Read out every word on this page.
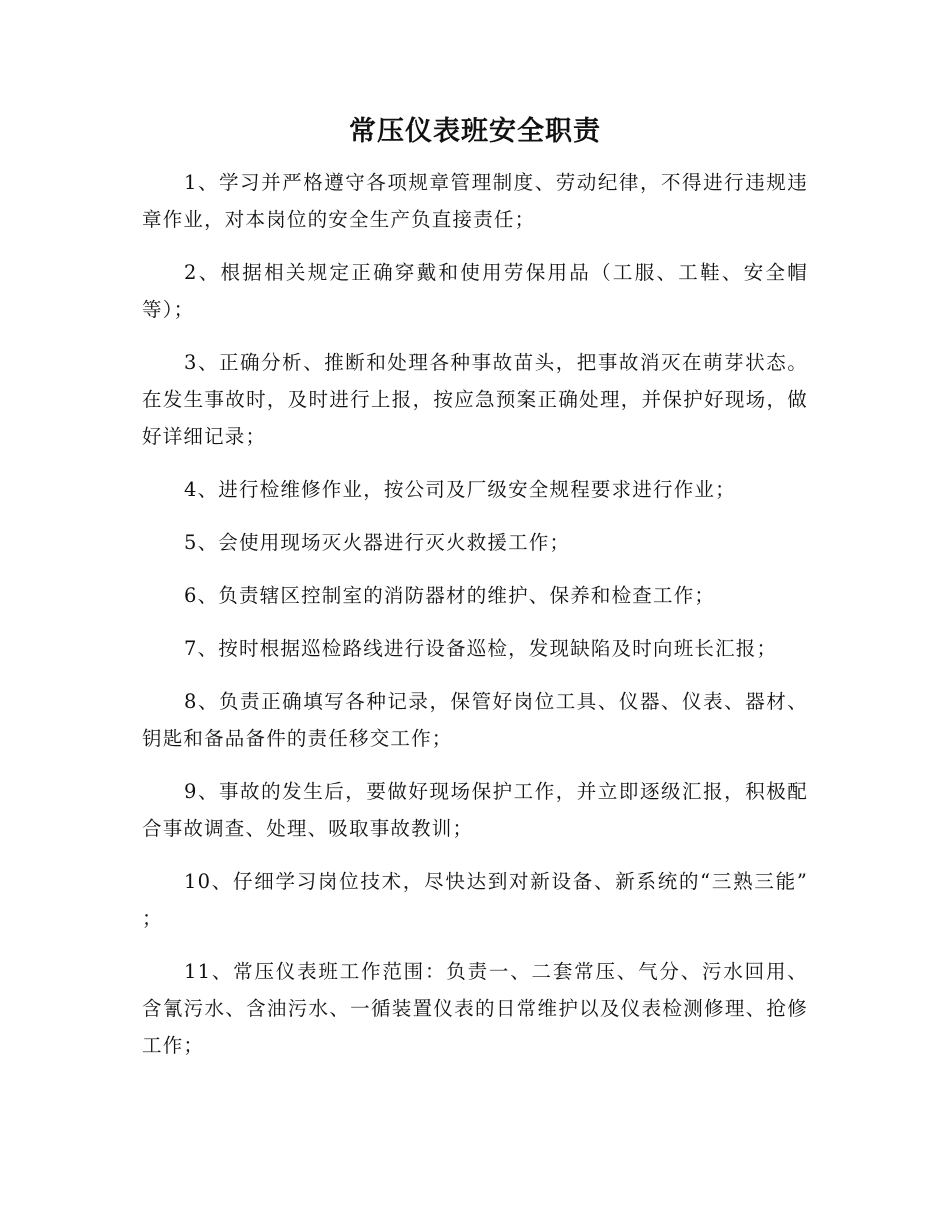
常压仪表班安全职责

1、学习并严格遵守各项规章管理制度、劳动纪律，不得进行违规违章作业，对本岗位的安全生产负直接责任；

2、根据相关规定正确穿戴和使用劳保用品（工服、工鞋、安全帽等）；

3、正确分析、推断和处理各种事故苗头，把事故消灭在萌芽状态。在发生事故时，及时进行上报，按应急预案正确处理，并保护好现场，做好详细记录；

4、进行检维修作业，按公司及厂级安全规程要求进行作业；

5、会使用现场灭火器进行灭火救援工作；

6、负责辖区控制室的消防器材的维护、保养和检查工作；

7、按时根据巡检路线进行设备巡检，发现缺陷及时向班长汇报；

8、负责正确填写各种记录，保管好岗位工具、仪器、仪表、器材、钥匙和备品备件的责任移交工作；

9、事故的发生后，要做好现场保护工作，并立即逐级汇报，积极配合事故调查、处理、吸取事故教训；

10、仔细学习岗位技术，尽快达到对新设备、新系统的“三熟三能” ；

11、常压仪表班工作范围：负责一、二套常压、气分、污水回用、含氰污水、含油污水、一循装置仪表的日常维护以及仪表检测修理、抢修工作；
